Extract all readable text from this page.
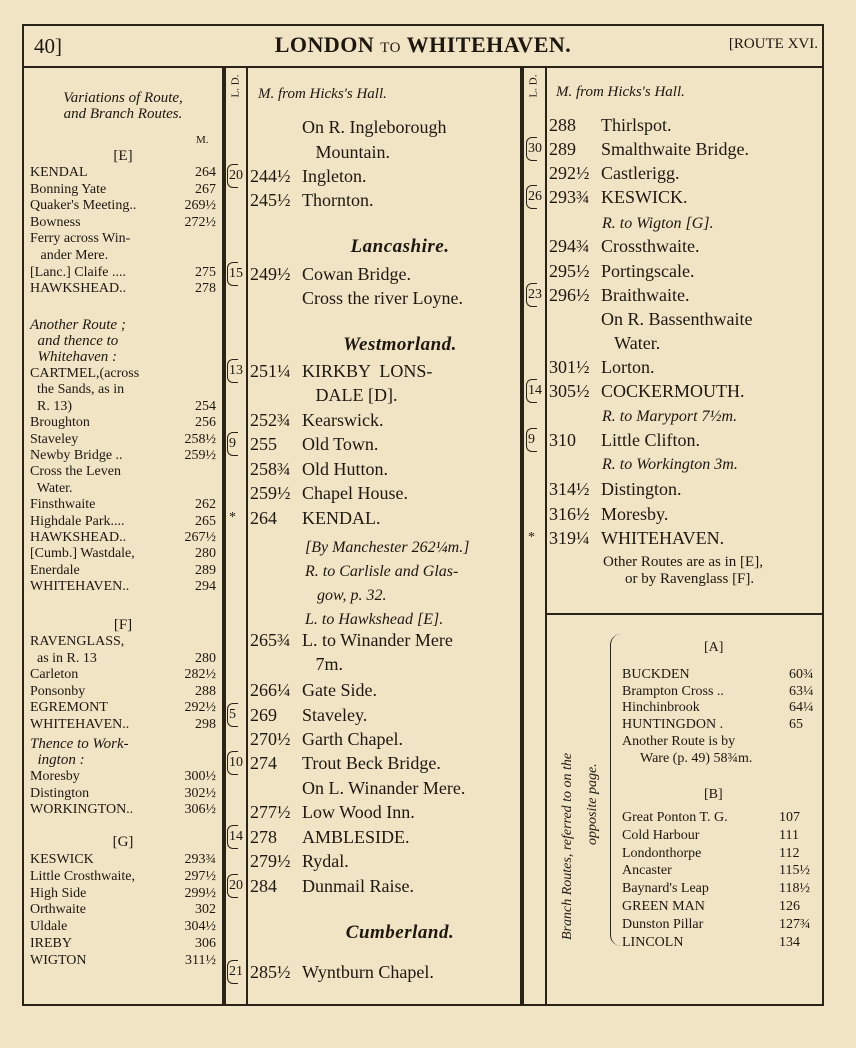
40]	LONDON TO WHITEHAVEN.	[ROUTE XVI.
L. D.	L. D.
M. from Hicks's Hall.	M. from Hicks's Hall.
Variations of Route,
and Branch Routes.
M.
[E]
KENDAL	264
Bonning Yate	267
Quaker's Meeting..	269½
Bowness	272½
Ferry across Win-
ander Mere.
[Lanc.] Claife ....	275
HAWKSHEAD..	278
Another Route ;
and thence to
Whitehaven :
CARTMEL,(across
the Sands, as in
R. 13)	254
Broughton	256
Staveley	258½
Newby Bridge ..	259½
Cross the Leven
Water.
Finsthwaite	262
Highdale Park....	265
HAWKSHEAD..	267½
[Cumb.] Wastdale,	280
Enerdale	289
WHITEHAVEN..	294
[F]
RAVENGLASS,
as in R. 13	280
Carleton	282½
Ponsonby	288
EGREMONT	292½
WHITEHAVEN..	298
Thence to Work-
ington :
Moresby	300½
Distington	302½
WORKINGTON..	306½
[G]
KESWICK	293¾
Little Crosthwaite,	297½
High Side	299½
Orthwaite	302
Uldale	304½
IREBY	306
WIGTON	311½
On R. Ingleborough
Mountain.
20 244½ Ingleton.
245½ Thornton.
15 249½ Cowan Bridge.
Cross the river Loyne.
13 251¼ KIRKBY  LONS-
DALE [D].
252¾ Kearswick.
9 255 Old Town.
258¾ Old Hutton.
259½ Chapel House.
* 264 KENDAL.
265¾ L. to Winander Mere
7m.
266¼ Gate Side.
5 269 Staveley.
270½ Garth Chapel.
10 274 Trout Beck Bridge.
On L. Winander Mere.
277½ Low Wood Inn.
14 278 AMBLESIDE.
279½ Rydal.
20 284 Dunmail Raise.
21 285½ Wyntburn Chapel.
Lancashire.
Westmorland.
Cumberland.
[By Manchester 262¼m.]
R. to Carlisle and Glas-
gow, p. 32.
L. to Hawkshead [E].
288 Thirlspot.
30 289 Smalthwaite Bridge.
292½ Castlerigg.
26 293¾ KESWICK.
294¾ Crossthwaite.
295½ Portingscale.
23 296½ Braithwaite.
On R. Bassenthwaite
Water.
301½ Lorton.
14 305½ COCKERMOUTH.
9 310 Little Clifton.
314½ Distington.
316½ Moresby.
* 319¼ WHITEHAVEN.
R. to Wigton [G].
R. to Maryport 7½m.
R. to Workington 3m.
Other Routes are as in [E],
or by Ravenglass [F].
Branch Routes, referred to on the opposite page.
[A]
BUCKDEN	60¾
Brampton Cross ..	63¼
Hinchinbrook	64¼
HUNTINGDON .	65
Another Route is by
Ware (p. 49) 58¾m.
[B]
Great Ponton T. G.	107
Cold Harbour	111
Londonthorpe	112
Ancaster	115½
Baynard's Leap	118½
GREEN MAN	126
Dunston Pillar	127¾
LINCOLN	134
